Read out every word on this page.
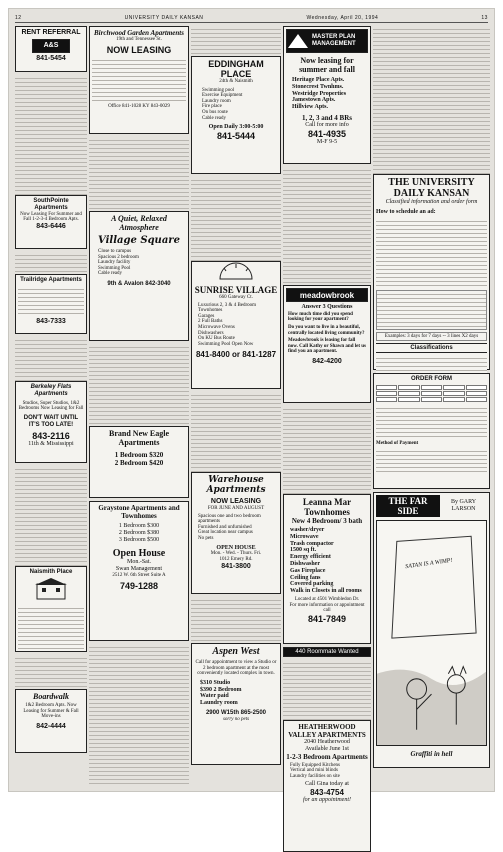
12	UNIVERSITY DAILY KANSAN	Wednesday, April 20, 1994	13
RENT REFERRAL
A&S
841-5454
SouthPointe Apartments
Now Leasing For Summer and Fall 1-2-3-4 Bedroom Apts.
843-6446
Trailridge Apartments
843-7333
Berkeley Flats Apartments
Studios, Super Studios, 1&2 Bedrooms Now Leasing for Fall
DON'T WAIT UNTIL IT'S TOO LATE!
843-2116
11th & Mississippi
Naismith Place
Boardwalk
1&2 Bedroom Apts. Now Leasing for Summer & Fall Move-ins
842-4444
Birchwood Garden Apartments
19th and Tennessee St.
NOW LEASING
Office 841-1028 KY 843-0029
A Quiet, Relaxed Atmosphere
Village Square
Close to campus
Spacious 2 bedroom
Laundry facility
Swimming Pool
Cable ready
9th & Avalon 842-3040
Brand New Eagle Apartments
1 Bedroom $320
2 Bedroom $420
Graystone Apartments and Townhomes
1 Bedroom $300
2 Bedroom $380
3 Bedroom $500
Open House
Mon.-Sat.
Swan Management
2512 W. 6th Street Suite A
749-1288
EDDINGHAM PLACE
24th & Naismith
Swimming pool
Exercise Equipment
Laundry room
Fire place
On bus route
Cable ready
Open Daily 3:00-5:00
841-5444
SUNRISE VILLAGE
660 Gateway Ct.
Luxurious 2, 3 & 4 Bedroom Townhomes
Garages
2 Full Baths
Microwave Ovens
Dishwashers
On KU Bus Route
Swimming Pool Open Now
841-8400 or 841-1287
Warehouse Apartments
NOW LEASING
FOR JUNE AND AUGUST
Spacious one and two bedroom apartments
Furnished and unfurnished
Great location near campus
No pets
OPEN HOUSE
Mon. - Wed. - Thurs. Fri.
1012 Emery Rd.
841-3800
Aspen West
Call for appointment to view a Studio or 2 bedroom apartment at the most conveniently located complex in town.
$310 Studio
$390 2 Bedroom
Water paid
Laundry room
2900 W15th 865-2500
sorry no pets
MASTER PLAN MANAGEMENT
Now leasing for summer and fall
Heritage Place Apts.
Stonecrest Twnhms.
Westridge Properties
Jamestown Apts.
Hillview Apts.
1, 2, 3 and 4 BRs
Call for more info
841-4935
M-F 9-5
meadowbrook
Answer 3 Questions
How much time did you spend looking for your apartment?
Do you want to live in a beautiful, centrally located living community?
Meadowbrook is leasing for fall now. Call Kathy or Shawn and let us find you an apartment.
842-4200
Leanna Mar Townhomes
New 4 Bedroom/ 3 bath
washer/dryer
Microwave
Trash compactor
1500 sq ft.
Energy efficient
Dishwasher
Gas Fireplace
Ceiling fans
Covered parking
Walk in Closets in all rooms
Located at 4501 Wimbledon Dr.
For more information or appointment call
841-7849
440 Roommate Wanted
HEATHERWOOD VALLEY APARTMENTS
2040 Heatherwood
Available June 1st
1-2-3 Bedroom Apartments
Fully Equipped Kitchens
Vertical and mini blinds
Laundry facilities on site
Call Gina today at
843-4754
for an appointment!
THE UNIVERSITY DAILY KANSAN
Classified information and order form
How to schedule an ad:
Examples: 3 days for 7 days -- 3 lines X2 days
Classifications
ORDER FORM
Method of Payment
THE FAR SIDE
By GARY LARSON
SATAN IS A WIMP!
Graffiti in hell
